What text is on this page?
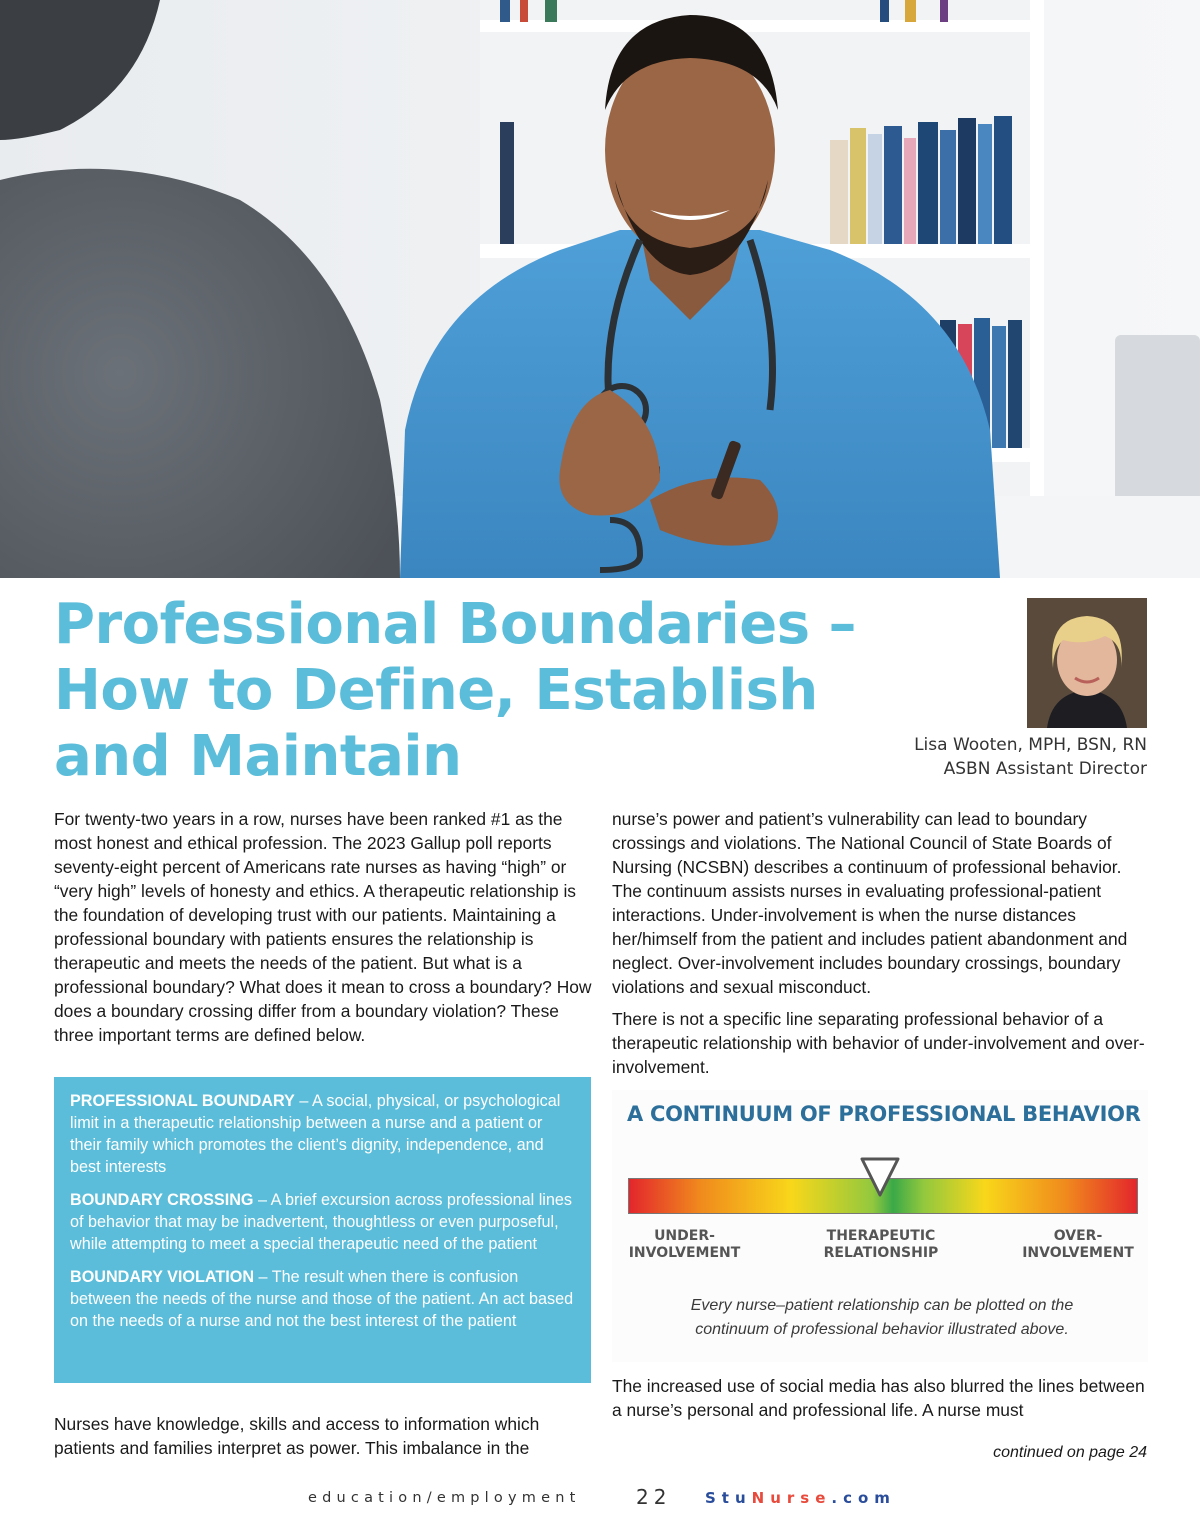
Professional Boundaries –
How to Define, Establish
and Maintain	Lisa Wooten, MPH, BSN, RN
ASBN Assistant Director

For twenty-two years in a row, nurses have been ranked #1 as the most honest and ethical profession. The 2023 Gallup poll reports seventy-eight percent of Americans rate nurses as having “high” or “very high” levels of honesty and ethics. A therapeutic relationship is the foundation of developing trust with our patients. Maintaining a professional boundary with patients ensures the relationship is therapeutic and meets the needs of the patient. But what is a professional boundary? What does it mean to cross a boundary? How does a boundary crossing differ from a boundary violation? These three important terms are defined below.

PROFESSIONAL BOUNDARY – A social, physical, or psychological limit in a therapeutic relationship between a nurse and a patient or their family which promotes the client’s dignity, independence, and best interests

BOUNDARY CROSSING – A brief excursion across professional lines of behavior that may be inadvertent, thoughtless or even purposeful, while attempting to meet a special therapeutic need of the patient

BOUNDARY VIOLATION – The result when there is confusion between the needs of the nurse and those of the patient. An act based on the needs of a nurse and not the best interest of the patient

Nurses have knowledge, skills and access to information which patients and families interpret as power. This imbalance in the

nurse’s power and patient’s vulnerability can lead to boundary crossings and violations. The National Council of State Boards of Nursing (NCSBN) describes a continuum of professional behavior. The continuum assists nurses in evaluating professional-patient interactions. Under-involvement is when the nurse distances her/himself from the patient and includes patient abandonment and neglect. Over-involvement includes boundary crossings, boundary violations and sexual misconduct.

There is not a specific line separating professional behavior of a therapeutic relationship with behavior of under-involvement and over-involvement.

A CONTINUUM OF PROFESSIONAL BEHAVIOR
UNDER-
INVOLVEMENT
THERAPEUTIC
RELATIONSHIP
OVER-
INVOLVEMENT
Every nurse–patient relationship can be plotted on the
continuum of professional behavior illustrated above.

The increased use of social media has also blurred the lines between a nurse’s personal and professional life. A nurse must

continued on page 24
education/employment	22 StuNurse.com
